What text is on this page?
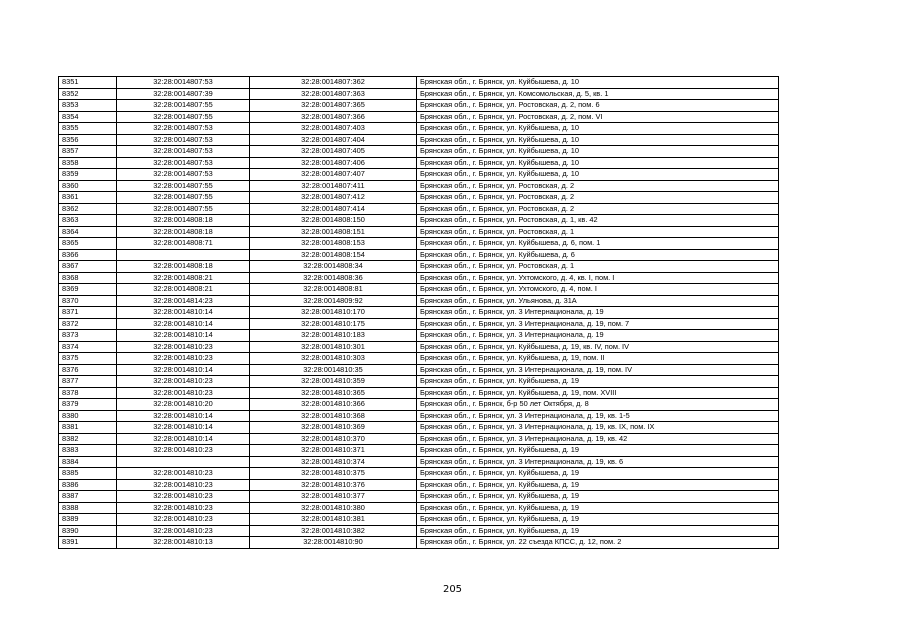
8351	32:28:0014807:53	32:28:0014807:362	Брянская обл., г. Брянск, ул. Куйбышева, д. 10
8352	32:28:0014807:39	32:28:0014807:363	Брянская обл., г. Брянск, ул. Комсомольская, д. 5, кв. 1
8353	32:28:0014807:55	32:28:0014807:365	Брянская обл., г. Брянск, ул. Ростовская, д. 2, пом. 6
8354	32:28:0014807:55	32:28:0014807:366	Брянская обл., г. Брянск, ул. Ростовская, д. 2, пом. VI
8355	32:28:0014807:53	32:28:0014807:403	Брянская обл., г. Брянск, ул. Куйбышева, д. 10
8356	32:28:0014807:53	32:28:0014807:404	Брянская обл., г. Брянск, ул. Куйбышева, д. 10
8357	32:28:0014807:53	32:28:0014807:405	Брянская обл., г. Брянск, ул. Куйбышева, д. 10
8358	32:28:0014807:53	32:28:0014807:406	Брянская обл., г. Брянск, ул. Куйбышева, д. 10
8359	32:28:0014807:53	32:28:0014807:407	Брянская обл., г. Брянск, ул. Куйбышева, д. 10
8360	32:28:0014807:55	32:28:0014807:411	Брянская обл., г. Брянск, ул. Ростовская, д. 2
8361	32:28:0014807:55	32:28:0014807:412	Брянская обл., г. Брянск, ул. Ростовская, д. 2
8362	32:28:0014807:55	32:28:0014807:414	Брянская обл., г. Брянск, ул. Ростовская, д. 2
8363	32:28:0014808:18	32:28:0014808:150	Брянская обл., г. Брянск, ул. Ростовская, д. 1, кв. 42
8364	32:28:0014808:18	32:28:0014808:151	Брянская обл., г. Брянск, ул. Ростовская, д. 1
8365	32:28:0014808:71	32:28:0014808:153	Брянская обл., г. Брянск, ул. Куйбышева, д. 6, пом. 1
8366		32:28:0014808:154	Брянская обл., г. Брянск, ул. Куйбышева, д. 6
8367	32:28:0014808:18	32:28:0014808:34	Брянская обл., г. Брянск, ул. Ростовская, д. 1
8368	32:28:0014808:21	32:28:0014808:36	Брянская обл., г. Брянск, ул. Ухтомского, д. 4, кв. I, пом. I
8369	32:28:0014808:21	32:28:0014808:81	Брянская обл., г. Брянск, ул. Ухтомского, д. 4, пом. I
8370	32:28:0014814:23	32:28:0014809:92	Брянская обл., г. Брянск, ул. Ульянова, д. 31А
8371	32:28:0014810:14	32:28:0014810:170	Брянская обл., г. Брянск, ул. 3 Интернационала, д. 19
8372	32:28:0014810:14	32:28:0014810:175	Брянская обл., г. Брянск, ул. 3 Интернационала, д. 19, пом. 7
8373	32:28:0014810:14	32:28:0014810:183	Брянская обл., г. Брянск, ул. 3 Интернационала, д. 19
8374	32:28:0014810:23	32:28:0014810:301	Брянская обл., г. Брянск, ул. Куйбышева, д. 19, кв. IV, пом. IV
8375	32:28:0014810:23	32:28:0014810:303	Брянская обл., г. Брянск, ул. Куйбышева, д. 19, пом. II
8376	32:28:0014810:14	32:28:0014810:35	Брянская обл., г. Брянск, ул. 3 Интернационала, д. 19, пом. IV
8377	32:28:0014810:23	32:28:0014810:359	Брянская обл., г. Брянск, ул. Куйбышева, д. 19
8378	32:28:0014810:23	32:28:0014810:365	Брянская обл., г. Брянск, ул. Куйбышева, д. 19, пом. XVIII
8379	32:28:0014810:20	32:28:0014810:366	Брянская обл., г. Брянск, б-р 50 лет Октября, д. 8
8380	32:28:0014810:14	32:28:0014810:368	Брянская обл., г. Брянск, ул. 3 Интернационала, д. 19, кв. 1-5
8381	32:28:0014810:14	32:28:0014810:369	Брянская обл., г. Брянск, ул. 3 Интернационала, д. 19, кв. IX, пом. IX
8382	32:28:0014810:14	32:28:0014810:370	Брянская обл., г. Брянск, ул. 3 Интернационала, д. 19, кв. 42
8383	32:28:0014810:23	32:28:0014810:371	Брянская обл., г. Брянск, ул. Куйбышева, д. 19
8384		32:28:0014810:374	Брянская обл., г. Брянск, ул. 3 Интернационала, д. 19, кв. 6
8385	32:28:0014810:23	32:28:0014810:375	Брянская обл., г. Брянск, ул. Куйбышева, д. 19
8386	32:28:0014810:23	32:28:0014810:376	Брянская обл., г. Брянск, ул. Куйбышева, д. 19
8387	32:28:0014810:23	32:28:0014810:377	Брянская обл., г. Брянск, ул. Куйбышева, д. 19
8388	32:28:0014810:23	32:28:0014810:380	Брянская обл., г. Брянск, ул. Куйбышева, д. 19
8389	32:28:0014810:23	32:28:0014810:381	Брянская обл., г. Брянск, ул. Куйбышева, д. 19
8390	32:28:0014810:23	32:28:0014810:382	Брянская обл., г. Брянск, ул. Куйбышева, д. 19
8391	32:28:0014810:13	32:28:0014810:90	Брянская обл., г. Брянск, ул. 22 съезда КПСС, д. 12, пом. 2
205
